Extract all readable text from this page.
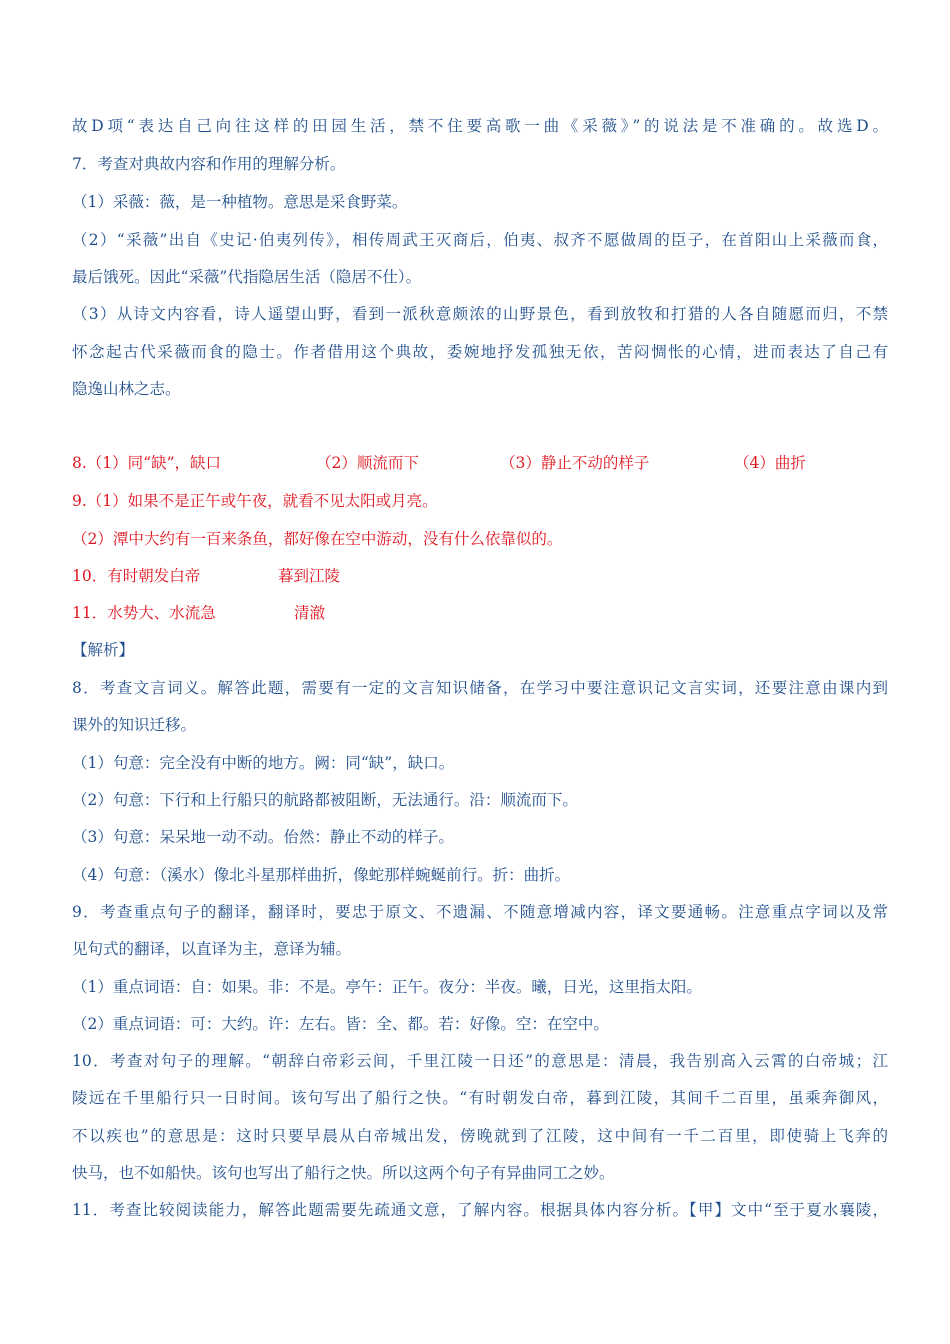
故D项“表达自己向往这样的田园生活，禁不住要高歌一曲《采薇》”的说法是不准确的。故选D。
7．考查对典故内容和作用的理解分析。
（1）采薇：薇，是一种植物。意思是采食野菜。
（2）“采薇”出自《史记·伯夷列传》，相传周武王灭商后，伯夷、叔齐不愿做周的臣子，在首阳山上采薇而食，
最后饿死。因此“采薇”代指隐居生活（隐居不仕）。
（3）从诗文内容看，诗人遥望山野，看到一派秋意颇浓的山野景色，看到放牧和打猎的人各自随愿而归，不禁
怀念起古代采薇而食的隐士。作者借用这个典故，委婉地抒发孤独无依，苦闷惆怅的心情，进而表达了自己有
隐逸山林之志。
8.（1）同“缺”，缺口	（2）顺流而下	（3）静止不动的样子	（4）曲折
9.（1）如果不是正午或午夜，就看不见太阳或月亮。
（2）潭中大约有一百来条鱼，都好像在空中游动，没有什么依靠似的。
10．有时朝发白帝	暮到江陵
11．水势大、水流急	清澈
【解析】
8．考查文言词义。解答此题，需要有一定的文言知识储备，在学习中要注意识记文言实词，还要注意由课内到
课外的知识迁移。
（1）句意：完全没有中断的地方。阙：同“缺”，缺口。
（2）句意：下行和上行船只的航路都被阻断，无法通行。沿：顺流而下。
（3）句意：呆呆地一动不动。佁然：静止不动的样子。
（4）句意：（溪水）像北斗星那样曲折，像蛇那样蜿蜒前行。折：曲折。
9．考查重点句子的翻译，翻译时，要忠于原文、不遗漏、不随意增减内容，译文要通畅。注意重点字词以及常
见句式的翻译，以直译为主，意译为辅。
（1）重点词语：自：如果。非：不是。亭午：正午。夜分：半夜。曦，日光，这里指太阳。
（2）重点词语：可：大约。许：左右。皆：全、都。若：好像。空：在空中。
10．考查对句子的理解。“朝辞白帝彩云间，千里江陵一日还”的意思是：清晨，我告别高入云霄的白帝城；江
陵远在千里船行只一日时间。该句写出了船行之快。“有时朝发白帝，暮到江陵，其间千二百里，虽乘奔御风，
不以疾也”的意思是：这时只要早晨从白帝城出发，傍晚就到了江陵，这中间有一千二百里，即使骑上飞奔的
快马，也不如船快。该句也写出了船行之快。所以这两个句子有异曲同工之妙。
11．考查比较阅读能力，解答此题需要先疏通文意，了解内容。根据具体内容分析。【甲】文中“至于夏水襄陵，
